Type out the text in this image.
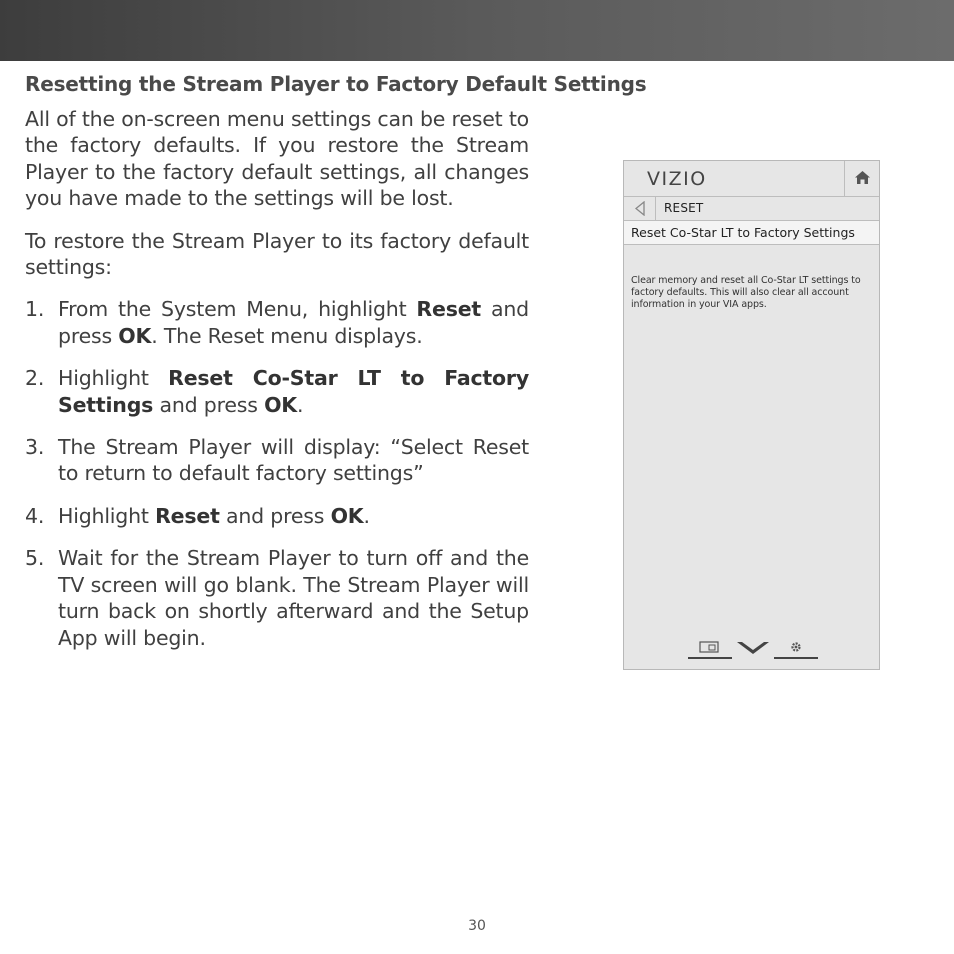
Resetting the Stream Player to Factory Default Settings

All of the on-screen menu settings can be reset to the factory defaults. If you restore the Stream Player to the factory default settings, all changes you have made to the settings will be lost.

To restore the Stream Player to its factory default settings:

1. From the System Menu, highlight Reset and press OK. The Reset menu displays.
2. Highlight Reset Co-Star LT to Factory Settings and press OK.
3. The Stream Player will display: “Select Reset to return to default factory settings”
4. Highlight Reset and press OK.
5. Wait for the Stream Player to turn off and the TV screen will go blank. The Stream Player will turn back on shortly afterward and the Setup App will begin.
VIZIO
RESET
Reset Co-Star LT to Factory Settings
Clear memory and reset all Co-Star LT settings to factory defaults. This will also clear all account information in your VIA apps.
30
